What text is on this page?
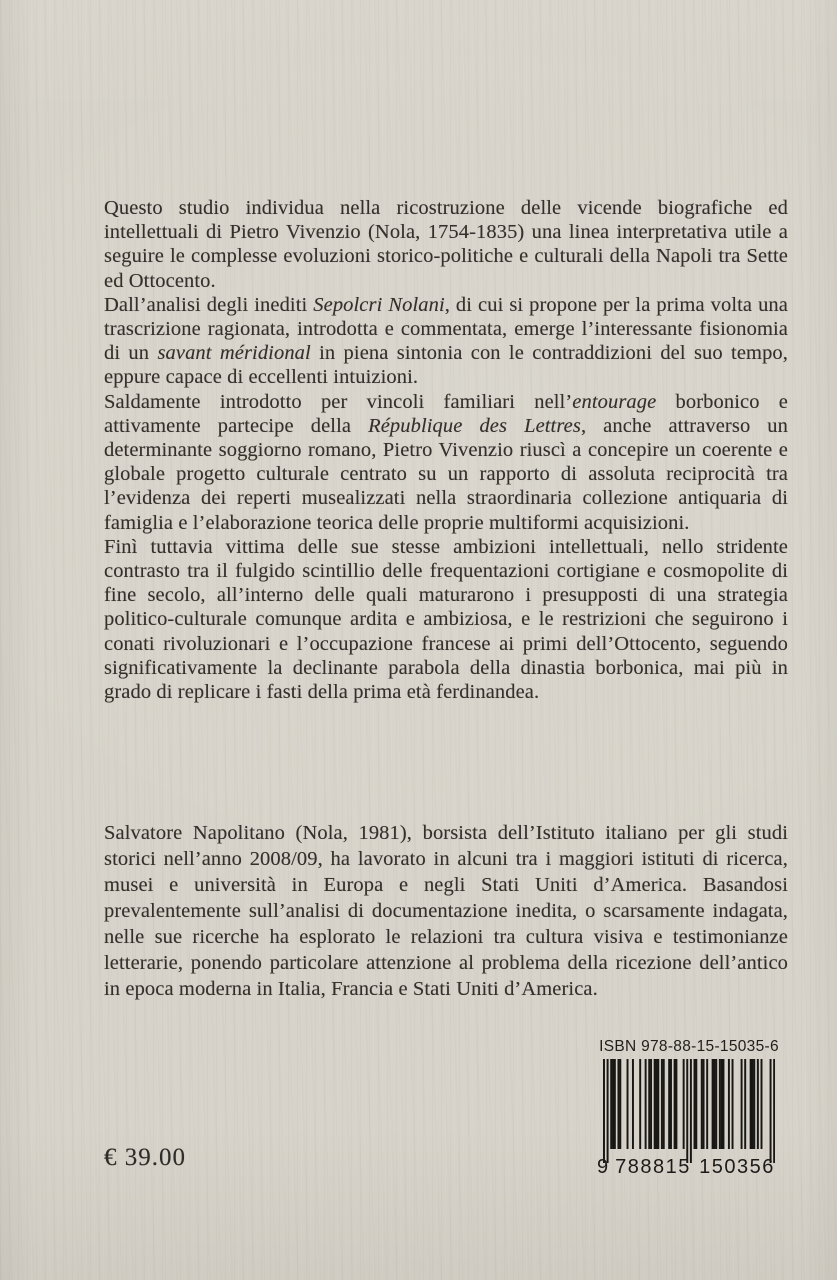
Questo studio individua nella ricostruzione delle vicende biografiche ed intellettuali di Pietro Vivenzio (Nola, 1754-1835) una linea interpretativa utile a seguire le complesse evoluzioni storico-politiche e culturali della Napoli tra Sette ed Ottocento.

Dall’analisi degli inediti Sepolcri Nolani, di cui si propone per la prima volta una trascrizione ragionata, introdotta e commentata, emerge l’interessante fisionomia di un savant méridional in piena sintonia con le contraddizioni del suo tempo, eppure capace di eccellenti intuizioni.

Saldamente introdotto per vincoli familiari nell’entourage borbonico e attivamente partecipe della République des Lettres, anche attraverso un determinante soggiorno romano, Pietro Vivenzio riuscì a concepire un coerente e globale progetto culturale centrato su un rapporto di assoluta reciprocità tra l’evidenza dei reperti musealizzati nella straordinaria collezione antiquaria di famiglia e l’elaborazione teorica delle proprie multiformi acquisizioni.

Finì tuttavia vittima delle sue stesse ambizioni intellettuali, nello stridente contrasto tra il fulgido scintillio delle frequentazioni cortigiane e cosmopolite di fine secolo, all’interno delle quali maturarono i presupposti di una strategia politico-culturale comunque ardita e ambiziosa, e le restrizioni che seguirono i conati rivoluzionari e l’occupazione francese ai primi dell’Ottocento, seguendo significativamente la declinante parabola della dinastia borbonica, mai più in grado di replicare i fasti della prima età ferdinandea.

Salvatore Napolitano (Nola, 1981), borsista dell’Istituto italiano per gli studi storici nell’anno 2008/09, ha lavorato in alcuni tra i maggiori istituti di ricerca, musei e università in Europa e negli Stati Uniti d’America. Basandosi prevalentemente sull’analisi di documentazione inedita, o scarsamente indagata, nelle sue ricerche ha esplorato le relazioni tra cultura visiva e testimonianze letterarie, ponendo particolare attenzione al problema della ricezione dell’antico in epoca moderna in Italia, Francia e Stati Uniti d’America.
€ 39.00
ISBN 978-88-15-15035-6
9 788815 150356
